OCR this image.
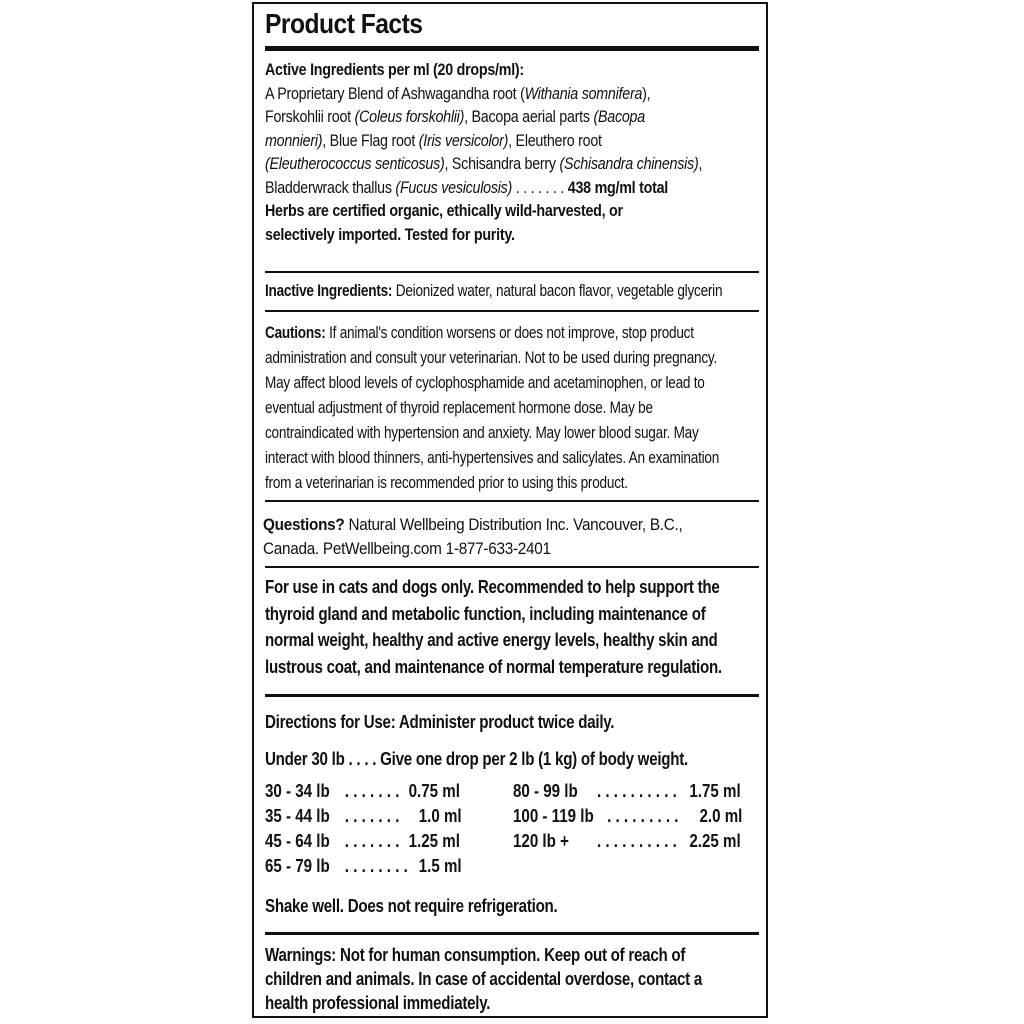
Product Facts

Active Ingredients per ml (20 drops/ml):

A Proprietary Blend of Ashwagandha root (Withania somnifera),

Forskohlii root (Coleus forskohlii), Bacopa aerial parts (Bacopa

monnieri), Blue Flag root (Iris versicolor), Eleuthero root

(Eleutherococcus senticosus), Schisandra berry (Schisandra chinensis),

Bladderwrack thallus (Fucus vesiculosis) . . . . . . . 438 mg/ml total

Herbs are certified organic, ethically wild-harvested, or selectively imported. Tested for purity.

Inactive Ingredients: Deionized water, natural bacon flavor, vegetable glycerin

Cautions: If animal's condition worsens or does not improve, stop product

administration and consult your veterinarian. Not to be used during pregnancy.

May affect blood levels of cyclophosphamide and acetaminophen, or lead to

eventual adjustment of thyroid replacement hormone dose. May be

contraindicated with hypertension and anxiety. May lower blood sugar. May

interact with blood thinners, anti-hypertensives and salicylates. An examination

from a veterinarian is recommended prior to using this product.

Questions? Natural Wellbeing Distribution Inc. Vancouver, B.C.,

Canada. PetWellbeing.com 1-877-633-2401

For use in cats and dogs only. Recommended to help support the

thyroid gland and metabolic function, including maintenance of

normal weight, healthy and active energy levels, healthy skin and

lustrous coat, and maintenance of normal temperature regulation.

Directions for Use: Administer product twice daily.
Under 30 lb . . . . Give one drop per 2 lb (1 kg) of body weight.
30 - 34 lb. . . . . . .0.75 ml
35 - 44 lb. . . . . . .1.0 ml
45 - 64 lb. . . . . . .1.25 ml
65 - 79 lb. . . . . . . .1.5 ml
80 - 99 lb. . . . . . . . . .1.75 ml
100 - 119 lb. . . . . . . . .2.0 ml
120 lb +. . . . . . . . . .2.25 ml
Shake well. Does not require refrigeration.

Warnings: Not for human consumption. Keep out of reach of

children and animals. In case of accidental overdose, contact a

health professional immediately.
